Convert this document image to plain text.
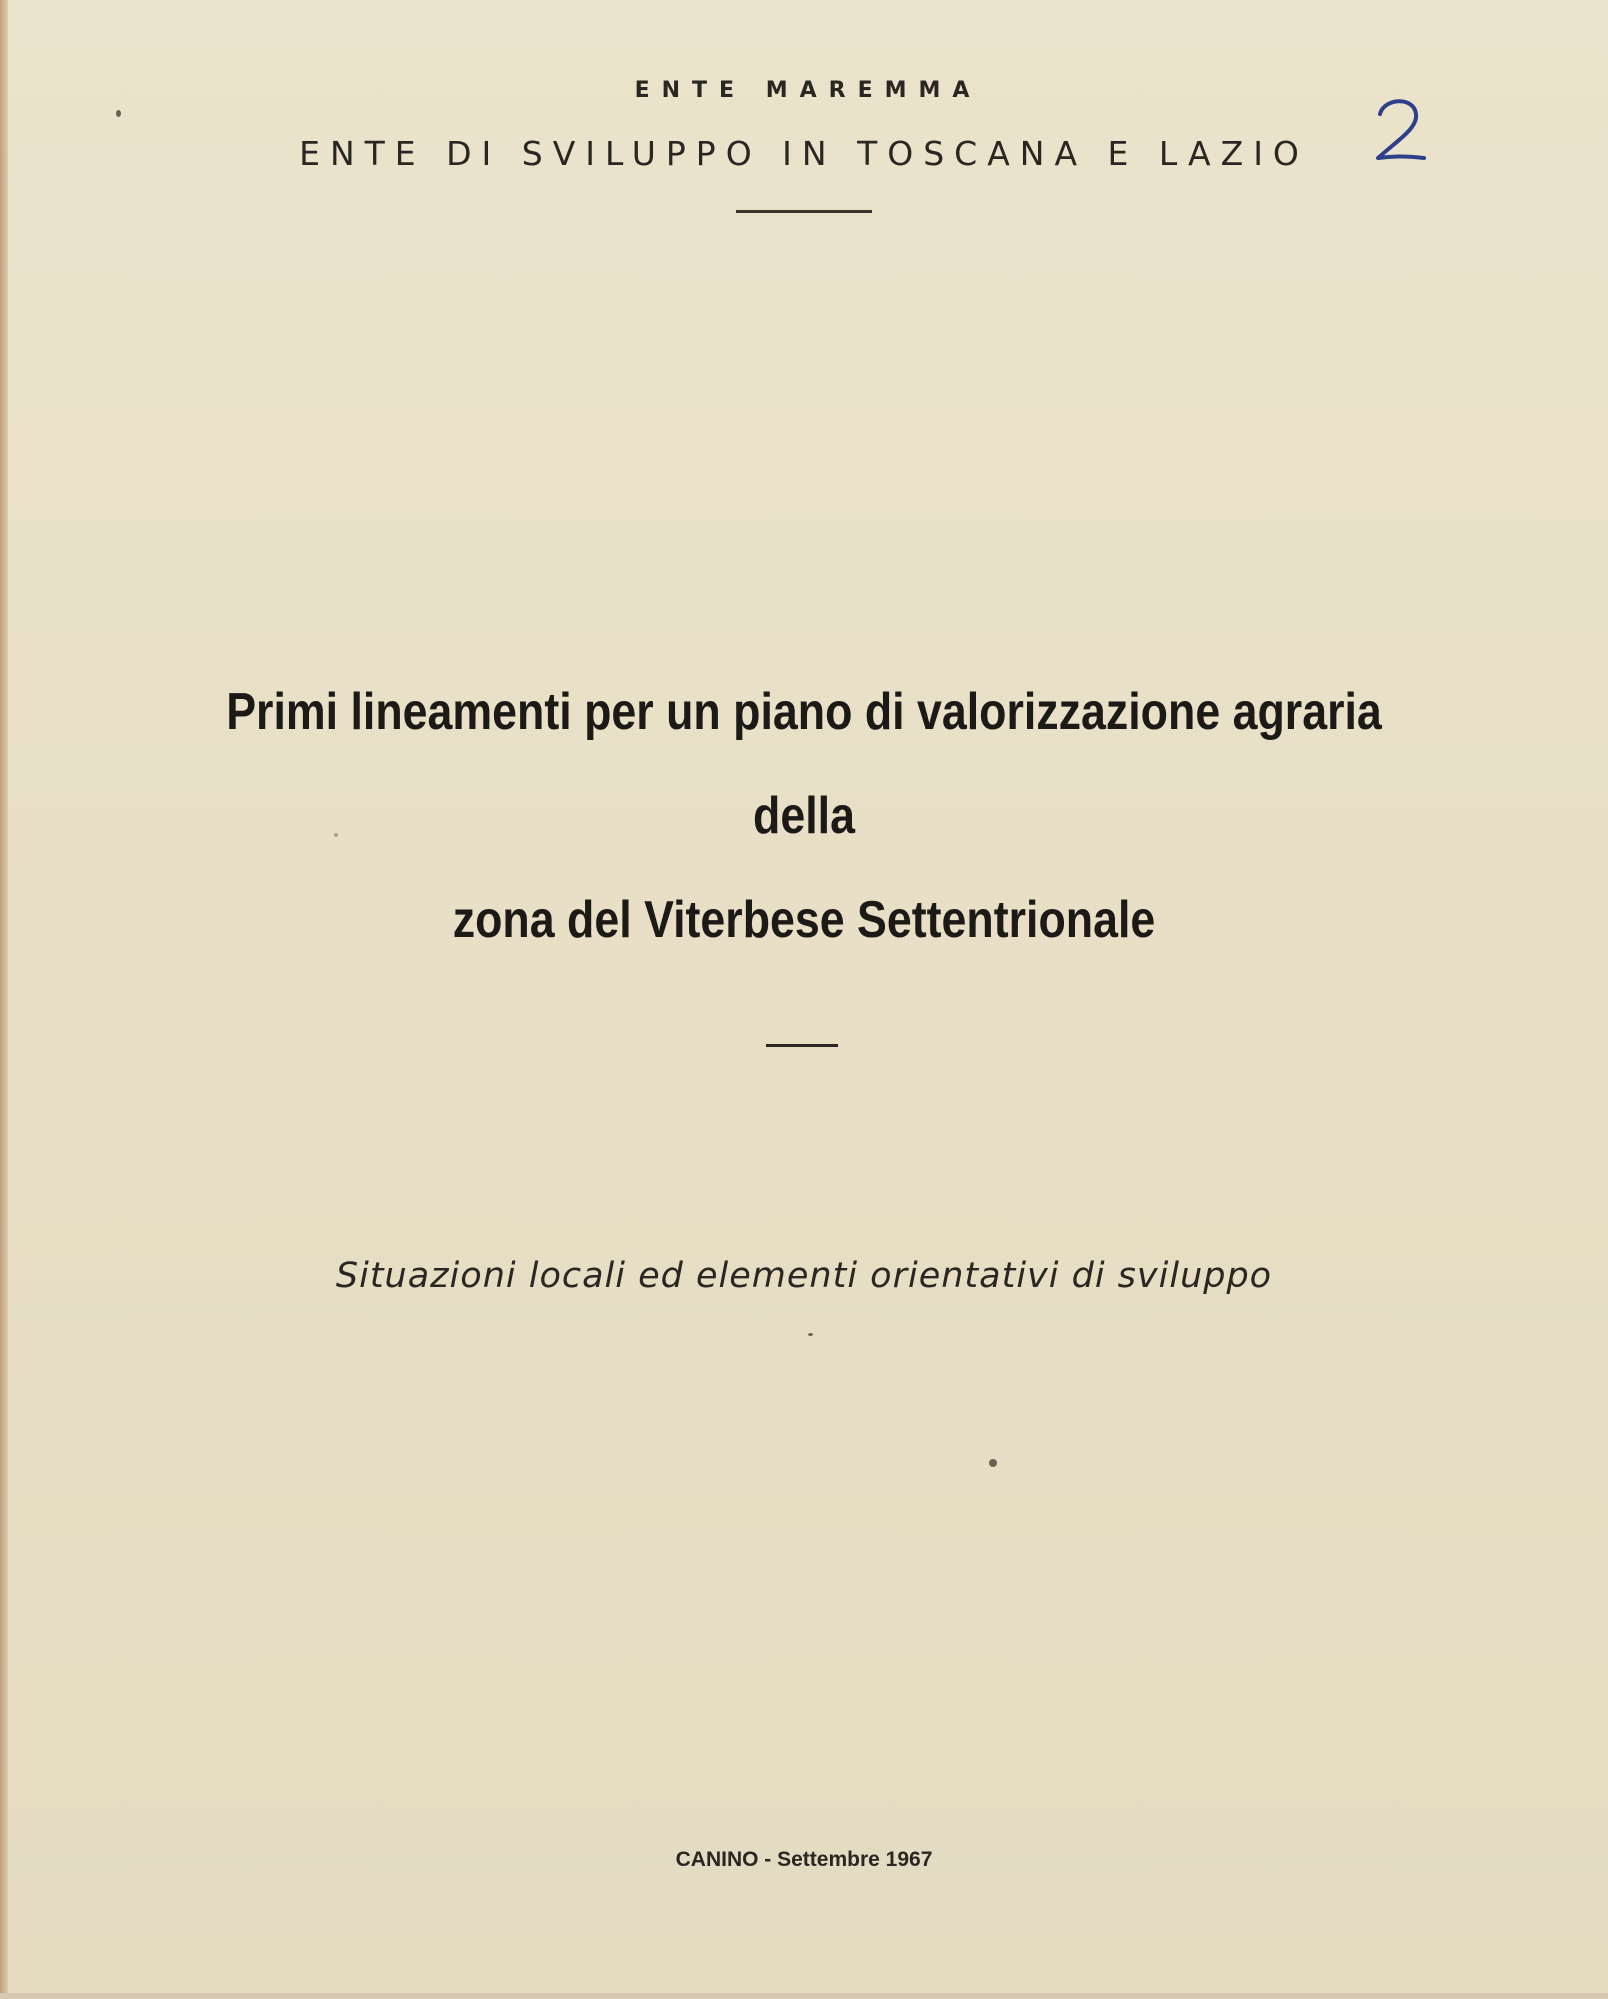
ENTE MAREMMA
ENTE DI SVILUPPO IN TOSCANA E LAZIO
Primi lineamenti per un piano di valorizzazione agraria della
zona del Viterbese Settentrionale
Situazioni locali ed elementi orientativi di sviluppo
CANINO - Settembre 1967
